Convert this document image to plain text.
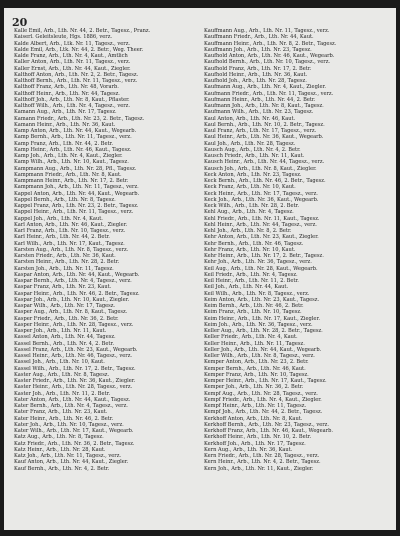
20

Kalle Emil, Arb., Lth. Nr. 44, 2. Betr., Tagesz., Pranz.

Kaiserl. Geleitsleute, Hgs. 1886, verz.

Kalde Albert, Arb., Ltk. Nr. 11, Tagesz., verz.

Kalde Emil, Arb., Ltk. Nr. 44, 2. Betr., Weg. Theer.

Kalde Franz, Arb., Lth. Nr. 4, Kaut., Amtlich

Kaller Anton, Arb., Lth. Nr. 11, Tagesz., verz.

Kaller Ernst, Arb., Lth. Nr. 44, Kaut., Ziegler.

Kalthoff Anton, Arb., Lth. Nr. 2, 2. Betr., Tagesz.

Kalthoff Bernh., Arb., Lth. Nr. 11, Tagesz., verz.

Kalthoff Franz, Arb., Lth. Nr. 48, Vorarb.

Kalthoff Heinr., Arb., Lth. Nr. 44, Tagesz.

Kalthoff Joh., Arb., Lth. Nr. 8, Kaut., Pflaster.

Kalthoff Wilh., Arb., Lth. Nr. 4, Tagesz., verz.

Kamann Aug., Arb., Lth. Nr. 17, Tagesz.

Kamann Friedr., Arb., Lth. Nr. 23, 2. Betr., Tagesz.

Kamann Heinr., Arb., Lth. Nr. 36, Kaut.

Kamp Anton, Arb., Lth. Nr. 44, Kaut., Wegearb.

Kamp Bernh., Arb., Lth. Nr. 11, Tagesz., verz.

Kamp Franz, Arb., Lth. Nr. 44, 2. Betr.

Kamp Heinr., Arb., Lth. Nr. 46, Kaut., Tagesz.

Kamp Joh., Arb., Lth. Nr. 4, Kaut., Ziegler.

Kamp Wilh., Arb., Lth. Nr. 10, Kaut., Tagesz.

Kampmann Aug., Arb., Lth. Nr. 28, Pfl., Tagesz.

Kampmann Friedr., Arb., Lth. Nr. 8, Kaut.

Kampmann Heinr., Arb., Lth. Nr. 17, 2. Betr.

Kampmann Joh., Arb., Lth. Nr. 11, Tagesz., verz.

Kappel Anton, Arb., Lth. Nr. 44, Kaut., Wegearb.

Kappel Bernh., Arb., Lth. Nr. 8, Tagesz.

Kappel Franz, Arb., Lth. Nr. 23, 2. Betr., Tagesz.

Kappel Heinr., Arb., Lth. Nr. 11, Tagesz., verz.

Kappel Joh., Arb., Lth. Nr. 4, Kaut.

Karl Anton, Arb., Lth. Nr. 46, Kaut., Ziegler.

Karl Franz, Arb., Lth. Nr. 10, Tagesz., verz.

Karl Heinr., Arb., Lth. Nr. 44, 2. Betr.

Karl Wilh., Arb., Lth. Nr. 17, Kaut., Tagesz.

Karsten Aug., Arb., Lth. Nr. 8, Tagesz., verz.

Karsten Friedr., Arb., Lth. Nr. 36, Kaut.

Karsten Heinr., Arb., Lth. Nr. 28, 2. Betr.

Karsten Joh., Arb., Lth. Nr. 11, Tagesz.

Kaspar Anton, Arb., Lth. Nr. 44, Kaut., Wegearb.

Kaspar Bernh., Arb., Lth. Nr. 4, Tagesz., verz.

Kaspar Franz, Arb., Lth. Nr. 23, Kaut.

Kaspar Heinr., Arb., Lth. Nr. 46, 2. Betr., Tagesz.

Kaspar Joh., Arb., Lth. Nr. 10, Kaut., Ziegler.

Kaspar Wilh., Arb., Lth. Nr. 17, Tagesz.

Kasper Aug., Arb., Lth. Nr. 8, Kaut., Tagesz.

Kasper Friedr., Arb., Lth. Nr. 36, 2. Betr.

Kasper Heinr., Arb., Lth. Nr. 28, Tagesz., verz.

Kasper Joh., Arb., Lth. Nr. 11, Kaut.

Kassel Anton, Arb., Lth. Nr. 44, Tagesz.

Kassel Bernh., Arb., Lth. Nr. 4, 2. Betr.

Kassel Franz, Arb., Lth. Nr. 23, Kaut., Wegearb.

Kassel Heinr., Arb., Lth. Nr. 46, Tagesz., verz.

Kassel Joh., Arb., Lth. Nr. 10, Kaut.

Kassel Wilh., Arb., Lth. Nr. 17, 2. Betr., Tagesz.

Kaster Aug., Arb., Lth. Nr. 8, Tagesz.

Kaster Friedr., Arb., Lth. Nr. 36, Kaut., Ziegler.

Kaster Heinr., Arb., Lth. Nr. 28, Tagesz., verz.

Kaster Joh., Arb., Lth. Nr. 11, 2. Betr.

Kater Anton, Arb., Lth. Nr. 44, Kaut., Tagesz.

Kater Bernh., Arb., Lth. Nr. 4, Tagesz., verz.

Kater Franz, Arb., Lth. Nr. 23, Kaut.

Kater Heinr., Arb., Lth. Nr. 46, 2. Betr.

Kater Joh., Arb., Lth. Nr. 10, Tagesz., verz.

Kater Wilh., Arb., Lth. Nr. 17, Kaut., Wegearb.

Katz Aug., Arb., Lth. Nr. 8, Tagesz.

Katz Friedr., Arb., Lth. Nr. 36, 2. Betr., Tagesz.

Katz Heinr., Arb., Lth. Nr. 28, Kaut.

Katz Joh., Arb., Lth. Nr. 11, Tagesz., verz.

Kauf Anton, Arb., Lth. Nr. 44, Kaut., Ziegler.

Kauf Bernh., Arb., Lth. Nr. 4, 2. Betr.

Kauffmann Aug., Arb., Lth. Nr. 11, Tagesz., verz.

Kauffmann Friedr., Arb., Lth. Nr. 44, Kaut.

Kauffmann Heinr., Arb., Lth. Nr. 8, 2. Betr., Tagesz.

Kauffmann Joh., Arb., Lth. Nr. 23, Tagesz.

Kaufhold Anton, Arb., Lth. Nr. 46, Kaut., Wegearb.

Kaufhold Bernh., Arb., Lth. Nr. 10, Tagesz., verz.

Kaufhold Franz, Arb., Lth. Nr. 17, 2. Betr.

Kaufhold Heinr., Arb., Lth. Nr. 36, Kaut.

Kaufhold Joh., Arb., Lth. Nr. 28, Tagesz.

Kaufmann Aug., Arb., Lth. Nr. 4, Kaut., Ziegler.

Kaufmann Friedr., Arb., Lth. Nr. 11, Tagesz., verz.

Kaufmann Heinr., Arb., Lth. Nr. 44, 2. Betr.

Kaufmann Joh., Arb., Lth. Nr. 8, Kaut., Tagesz.

Kaufmann Wilh., Arb., Lth. Nr. 23, Tagesz.

Kaul Anton, Arb., Lth. Nr. 46, Kaut.

Kaul Bernh., Arb., Lth. Nr. 10, 2. Betr., Tagesz.

Kaul Franz, Arb., Lth. Nr. 17, Tagesz., verz.

Kaul Heinr., Arb., Lth. Nr. 36, Kaut., Wegearb.

Kaul Joh., Arb., Lth. Nr. 28, Tagesz.

Kausch Aug., Arb., Lth. Nr. 4, 2. Betr.

Kausch Friedr., Arb., Lth. Nr. 11, Kaut.

Kausch Heinr., Arb., Lth. Nr. 44, Tagesz., verz.

Kausch Joh., Arb., Lth. Nr. 8, Kaut., Ziegler.

Keck Anton, Arb., Lth. Nr. 23, Tagesz.

Keck Bernh., Arb., Lth. Nr. 46, 2. Betr., Tagesz.

Keck Franz, Arb., Lth. Nr. 10, Kaut.

Keck Heinr., Arb., Lth. Nr. 17, Tagesz., verz.

Keck Joh., Arb., Lth. Nr. 36, Kaut., Wegearb.

Keck Wilh., Arb., Lth. Nr. 28, 2. Betr.

Kehl Aug., Arb., Lth. Nr. 4, Tagesz.

Kehl Friedr., Arb., Lth. Nr. 11, Kaut., Tagesz.

Kehl Heinr., Arb., Lth. Nr. 44, Tagesz., verz.

Kehl Joh., Arb., Lth. Nr. 8, 2. Betr.

Kehr Anton, Arb., Lth. Nr. 23, Kaut., Ziegler.

Kehr Bernh., Arb., Lth. Nr. 46, Tagesz.

Kehr Franz, Arb., Lth. Nr. 10, Kaut.

Kehr Heinr., Arb., Lth. Nr. 17, 2. Betr., Tagesz.

Kehr Joh., Arb., Lth. Nr. 36, Tagesz., verz.

Keil Aug., Arb., Lth. Nr. 28, Kaut., Wegearb.

Keil Friedr., Arb., Lth. Nr. 4, Tagesz.

Keil Heinr., Arb., Lth. Nr. 11, 2. Betr.

Keil Joh., Arb., Lth. Nr. 44, Kaut.

Keil Wilh., Arb., Lth. Nr. 8, Tagesz., verz.

Keim Anton, Arb., Lth. Nr. 23, Kaut., Tagesz.

Keim Bernh., Arb., Lth. Nr. 46, 2. Betr.

Keim Franz, Arb., Lth. Nr. 10, Tagesz.

Keim Heinr., Arb., Lth. Nr. 17, Kaut., Ziegler.

Keim Joh., Arb., Lth. Nr. 36, Tagesz., verz.

Keller Aug., Arb., Lth. Nr. 28, 2. Betr., Tagesz.

Keller Friedr., Arb., Lth. Nr. 4, Kaut.

Keller Heinr., Arb., Lth. Nr. 11, Tagesz.

Keller Joh., Arb., Lth. Nr. 44, Kaut., Wegearb.

Keller Wilh., Arb., Lth. Nr. 8, Tagesz., verz.

Kemper Anton, Arb., Lth. Nr. 23, 2. Betr.

Kemper Bernh., Arb., Lth. Nr. 46, Kaut.

Kemper Franz, Arb., Lth. Nr. 10, Tagesz.

Kemper Heinr., Arb., Lth. Nr. 17, Kaut., Tagesz.

Kemper Joh., Arb., Lth. Nr. 36, 2. Betr.

Kempf Aug., Arb., Lth. Nr. 28, Tagesz., verz.

Kempf Friedr., Arb., Lth. Nr. 4, Kaut., Ziegler.

Kempf Heinr., Arb., Lth. Nr. 11, Tagesz.

Kempf Joh., Arb., Lth. Nr. 44, 2. Betr., Tagesz.

Kerkhoff Anton, Arb., Lth. Nr. 8, Kaut.

Kerkhoff Bernh., Arb., Lth. Nr. 23, Tagesz., verz.

Kerkhoff Franz, Arb., Lth. Nr. 46, Kaut., Wegearb.

Kerkhoff Heinr., Arb., Lth. Nr. 10, 2. Betr.

Kerkhoff Joh., Arb., Lth. Nr. 17, Tagesz.

Kern Aug., Arb., Lth. Nr. 36, Kaut.

Kern Friedr., Arb., Lth. Nr. 28, Tagesz., verz.

Kern Heinr., Arb., Lth. Nr. 4, 2. Betr., Tagesz.

Kern Joh., Arb., Lth. Nr. 11, Kaut., Ziegler.
